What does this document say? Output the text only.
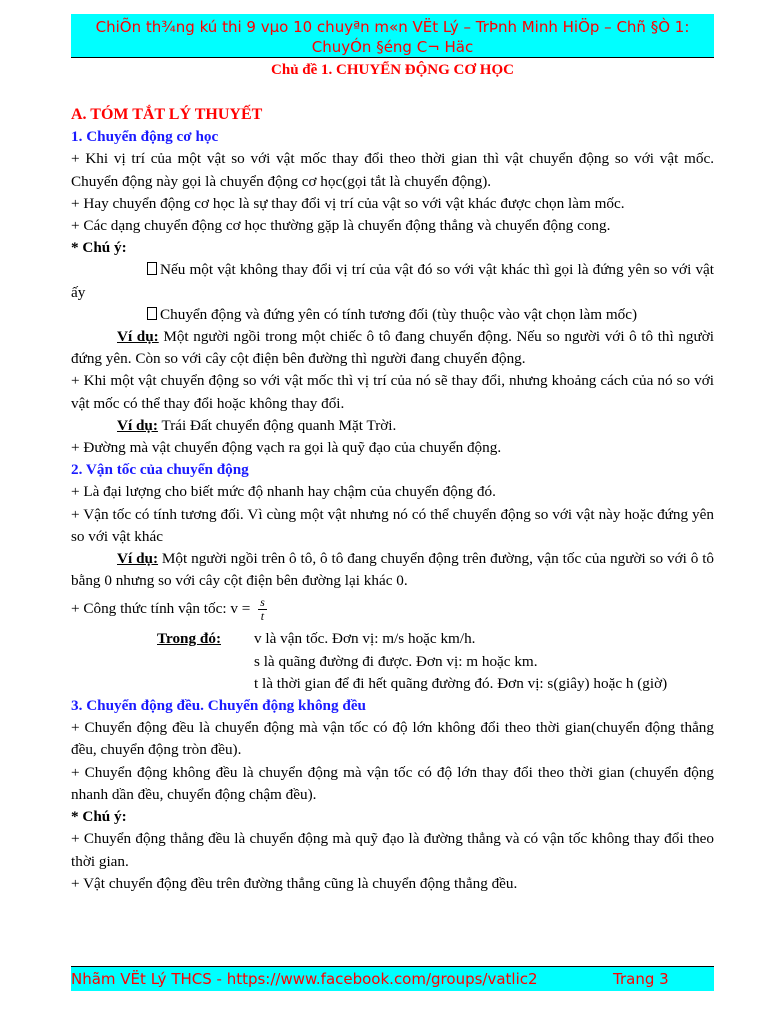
ChiÕn th¾ng kú thi 9 vµo 10 chuyªn m«n VËt Lý – TrÞnh Minh HiÖp – Chñ §Ò 1: ChuyÓn §éng C¬ Häc
Chủ đề 1. CHUYỂN ĐỘNG CƠ HỌC

A. TÓM TẮT LÝ THUYẾT

1. Chuyển động cơ học

+ Khi vị trí của một vật so với vật mốc thay đổi theo thời gian thì vật chuyển động so với vật mốc. Chuyển động này gọi là chuyển động cơ học(gọi tắt là chuyển động).

+ Hay chuyển động cơ học là sự thay đổi vị trí của vật so với vật khác được chọn làm mốc.

+ Các dạng chuyển động cơ học thường gặp là chuyển động thẳng và chuyển động cong.

* Chú ý:

Nếu một vật không thay đổi vị trí của vật đó so với vật khác thì gọi là đứng yên so với vật ấy

Chuyển động và đứng yên có tính tương đối (tùy thuộc vào vật chọn làm mốc)

Ví dụ: Một người ngồi trong một chiếc ô tô đang chuyển động. Nếu so người với ô tô thì người đứng yên. Còn so với cây cột điện bên đường thì người đang chuyển động.

+ Khi một vật chuyển động so với vật mốc thì vị trí của nó sẽ thay đổi, nhưng khoảng cách của nó so với vật mốc có thể thay đổi hoặc không thay đổi.

Ví dụ: Trái Đất chuyển động quanh Mặt Trời.

+ Đường mà vật chuyển động vạch ra gọi là quỹ đạo của chuyển động.

2. Vận tốc của chuyển động

+ Là đại lượng cho biết mức độ nhanh hay chậm của chuyển động đó.

+ Vận tốc có tính tương đối. Vì cùng một vật nhưng nó có thể chuyển động so với vật này hoặc đứng yên so với vật khác

Ví dụ: Một người ngồi trên ô tô, ô tô đang chuyển động trên đường, vận tốc của người so với ô tô bằng 0 nhưng so với cây cột điện bên đường lại khác 0.

+ Công thức tính vận tốc: $v = \frac{s}{t}$
Trong đó:	v là vận tốc. Đơn vị: m/s hoặc km/h.
s là quãng đường đi được. Đơn vị: m hoặc km.
t là thời gian để đi hết quãng đường đó. Đơn vị: s(giây) hoặc h (giờ)

3. Chuyển động đều. Chuyển động không đều

+ Chuyển động đều là chuyển động mà vận tốc có độ lớn không đổi theo thời gian(chuyển động thẳng đều, chuyển động tròn đều).

+ Chuyển động không đều là chuyển động mà vận tốc có độ lớn thay đổi theo thời gian (chuyển động nhanh dần đều, chuyển động chậm đều).

* Chú ý:

+ Chuyển động thẳng đều là chuyển động mà quỹ đạo là đường thẳng và có vận tốc không thay đổi theo thời gian.

+ Vật chuyển động đều trên đường thẳng cũng là chuyển động thẳng đều.

Nhãm VËt Lý THCS - https://www.facebook.com/groups/vatlic2	Trang 3
